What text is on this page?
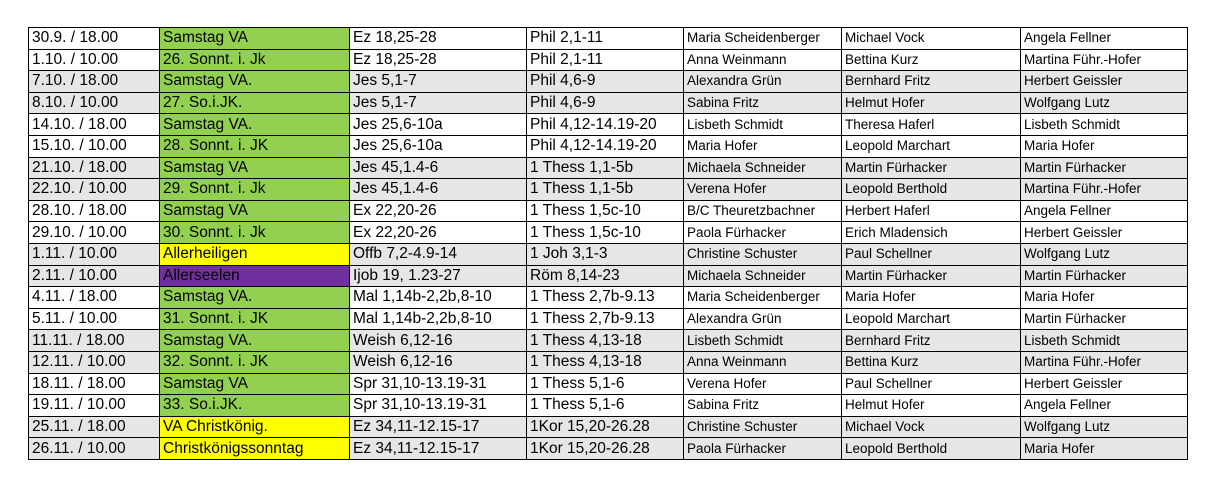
30.9. / 18.00	Samstag VA	Ez 18,25-28	Phil 2,1-11	Maria Scheidenberger	Michael Vock	Angela Fellner
1.10. / 10.00	26. Sonnt. i. Jk	Ez 18,25-28	Phil 2,1-11	Anna Weinmann	Bettina Kurz	Martina Führ.-Hofer
7.10. / 18.00	Samstag VA.	Jes 5,1-7	Phil 4,6-9	Alexandra Grün	Bernhard Fritz	Herbert Geissler
8.10. / 10.00	27. So.i.JK.	Jes 5,1-7	Phil 4,6-9	Sabina Fritz	Helmut Hofer	Wolfgang Lutz
14.10. / 18.00	Samstag VA.	Jes 25,6-10a	Phil 4,12-14.19-20	Lisbeth Schmidt	Theresa Haferl	Lisbeth Schmidt
15.10. / 10.00	28. Sonnt. i. JK	Jes 25,6-10a	Phil 4,12-14.19-20	Maria Hofer	Leopold Marchart	Maria Hofer
21.10. / 18.00	Samstag VA	Jes 45,1.4-6	1 Thess 1,1-5b	Michaela Schneider	Martin Fürhacker	Martin Fürhacker
22.10. / 10.00	29. Sonnt. i. Jk	Jes 45,1.4-6	1 Thess 1,1-5b	Verena Hofer	Leopold Berthold	Martina Führ.-Hofer
28.10. / 18.00	Samstag VA	Ex 22,20-26	1 Thess 1,5c-10	B/C Theuretzbachner	Herbert Haferl	Angela Fellner
29.10. / 10.00	30. Sonnt. i. Jk	Ex 22,20-26	1 Thess 1,5c-10	Paola Fürhacker	Erich Mladensich	Herbert Geissler
1.11. / 10.00	Allerheiligen	Offb 7,2-4.9-14	1 Joh 3,1-3	Christine Schuster	Paul Schellner	Wolfgang Lutz
2.11. / 10.00	Allerseelen	Ijob 19, 1.23-27	Röm 8,14-23	Michaela Schneider	Martin Fürhacker	Martin Fürhacker
4.11. / 18.00	Samstag VA.	Mal 1,14b-2,2b,8-10	1 Thess 2,7b-9.13	Maria Scheidenberger	Maria Hofer	Maria Hofer
5.11. / 10.00	31. Sonnt. i. JK	Mal 1,14b-2,2b,8-10	1 Thess 2,7b-9.13	Alexandra Grün	Leopold Marchart	Martin Fürhacker
11.11. / 18.00	Samstag VA.	Weish 6,12-16	1 Thess 4,13-18	Lisbeth Schmidt	Bernhard Fritz	Lisbeth Schmidt
12.11. / 10.00	32. Sonnt. i. JK	Weish 6,12-16	1 Thess 4,13-18	Anna Weinmann	Bettina Kurz	Martina Führ.-Hofer
18.11. / 18.00	Samstag VA	Spr 31,10-13.19-31	1 Thess 5,1-6	Verena Hofer	Paul Schellner	Herbert Geissler
19.11. / 10.00	33. So.i.JK.	Spr 31,10-13.19-31	1 Thess 5,1-6	Sabina Fritz	Helmut Hofer	Angela Fellner
25.11. / 18.00	VA Christkönig.	Ez 34,11-12.15-17	1Kor 15,20-26.28	Christine Schuster	Michael Vock	Wolfgang Lutz
26.11. / 10.00	Christkönigssonntag	Ez 34,11-12.15-17	1Kor 15,20-26.28	Paola Fürhacker	Leopold Berthold	Maria Hofer
